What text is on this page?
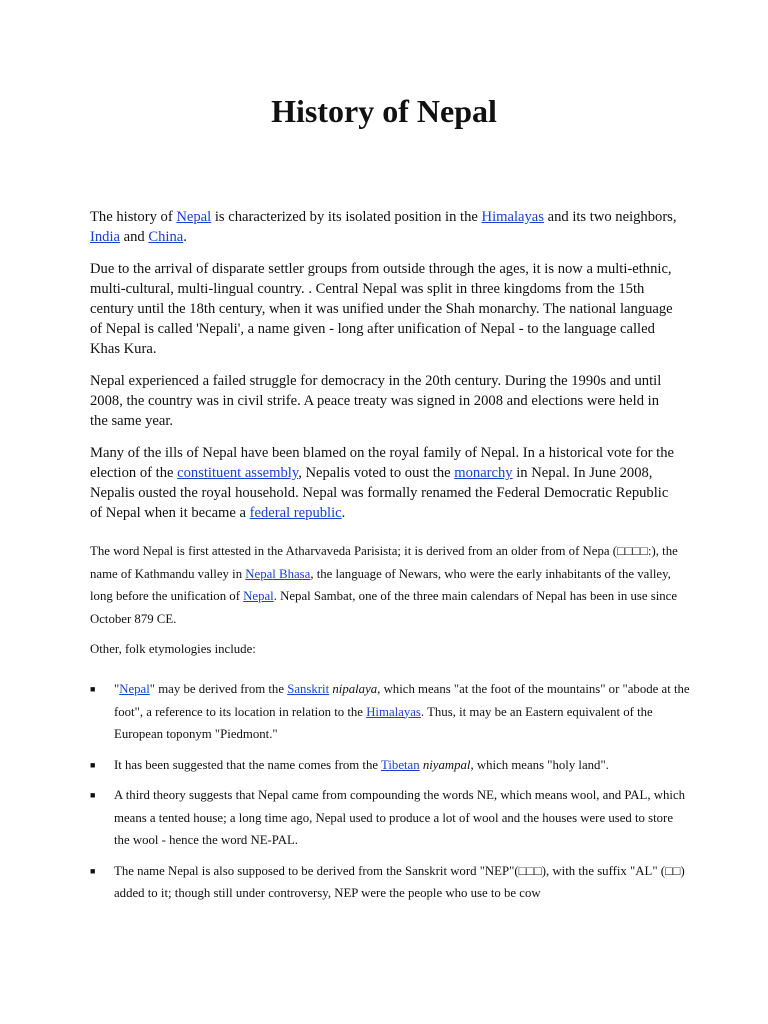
History of Nepal

The history of Nepal is characterized by its isolated position in the Himalayas and its two neighbors, India and China.

Due to the arrival of disparate settler groups from outside through the ages, it is now a multi-ethnic, multi-cultural, multi-lingual country. . Central Nepal was split in three kingdoms from the 15th century until the 18th century, when it was unified under the Shah monarchy. The national language of Nepal is called 'Nepali', a name given - long after unification of Nepal - to the language called Khas Kura.

Nepal experienced a failed struggle for democracy in the 20th century. During the 1990s and until 2008, the country was in civil strife. A peace treaty was signed in 2008 and elections were held in the same year.

Many of the ills of Nepal have been blamed on the royal family of Nepal. In a historical vote for the election of the constituent assembly, Nepalis voted to oust the monarchy in Nepal. In June 2008, Nepalis ousted the royal household. Nepal was formally renamed the Federal Democratic Republic of Nepal when it became a federal republic.

The word Nepal is first attested in the Atharvaveda Parisista; it is derived from an older from of Nepa (□□□□:), the name of Kathmandu valley in Nepal Bhasa, the language of Newars, who were the early inhabitants of the valley, long before the unification of Nepal. Nepal Sambat, one of the three main calendars of Nepal has been in use since October 879 CE.

Other, folk etymologies include:

■ "Nepal" may be derived from the Sanskrit nipalaya, which means "at the foot of the mountains" or "abode at the foot", a reference to its location in relation to the Himalayas. Thus, it may be an Eastern equivalent of the European toponym "Piedmont."
■ It has been suggested that the name comes from the Tibetan niyampal, which means "holy land".
■ A third theory suggests that Nepal came from compounding the words NE, which means wool, and PAL, which means a tented house; a long time ago, Nepal used to produce a lot of wool and the houses were used to store the wool - hence the word NE-PAL.
■ The name Nepal is also supposed to be derived from the Sanskrit word "NEP"(□□□), with the suffix "AL" (□□) added to it; though still under controversy, NEP were the people who use to be cow
